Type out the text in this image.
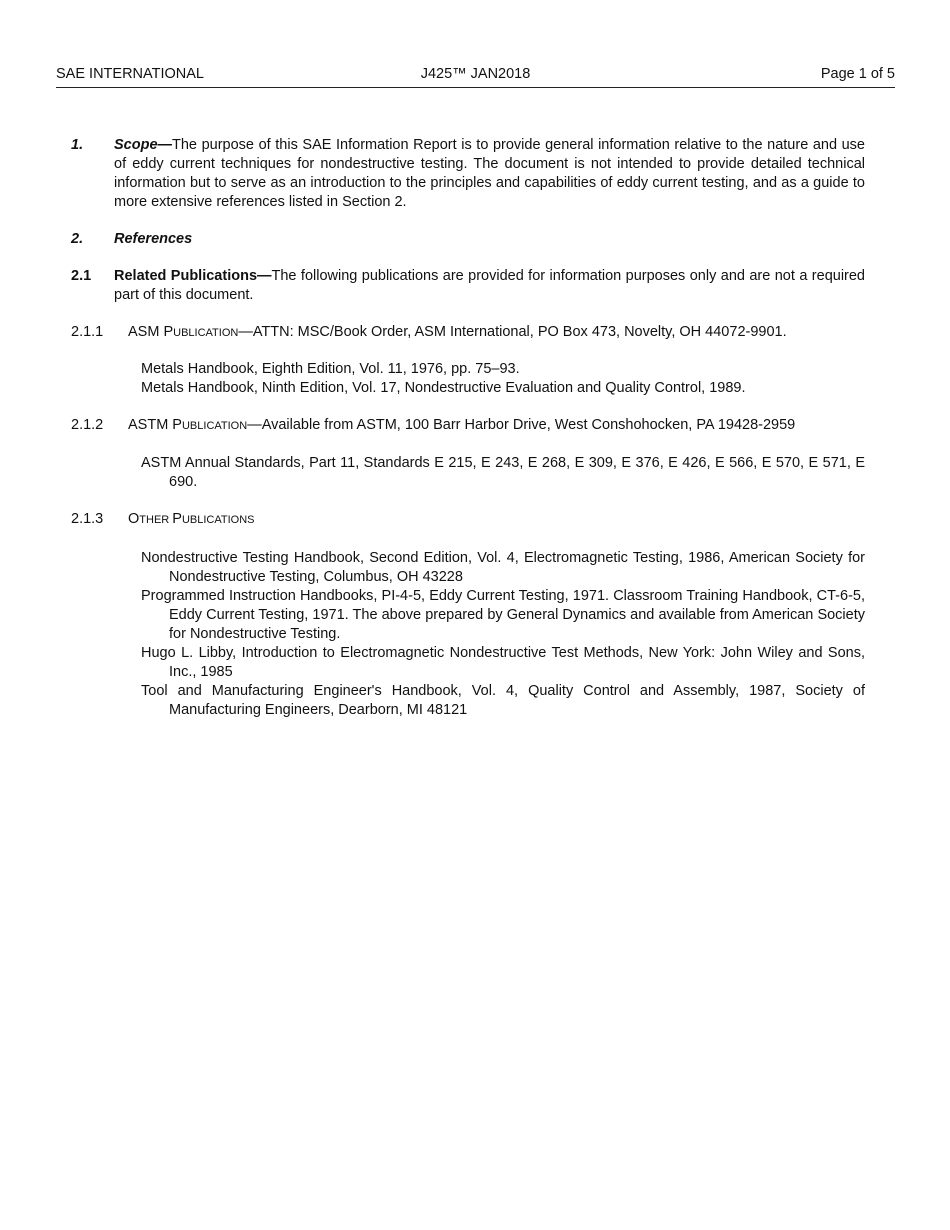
SAE INTERNATIONAL	J425™ JAN2018	Page 1 of 5
1. Scope—The purpose of this SAE Information Report is to provide general information relative to the nature and use of eddy current techniques for nondestructive testing. The document is not intended to provide detailed technical information but to serve as an introduction to the principles and capabilities of eddy current testing, and as a guide to more extensive references listed in Section 2.
2. References
2.1 Related Publications—The following publications are provided for information purposes only and are not a required part of this document.
2.1.1 ASM PUBLICATION—ATTN: MSC/Book Order, ASM International, PO Box 473, Novelty, OH 44072-9901.

Metals Handbook, Eighth Edition, Vol. 11, 1976, pp. 75–93.

Metals Handbook, Ninth Edition, Vol. 17, Nondestructive Evaluation and Quality Control, 1989.

2.1.2 ASTM PUBLICATION—Available from ASTM, 100 Barr Harbor Drive, West Conshohocken, PA 19428-2959

ASTM Annual Standards, Part 11, Standards E 215, E 243, E 268, E 309, E 376, E 426, E 566, E 570, E 571, E 690.

2.1.3 OTHER PUBLICATIONS

Nondestructive Testing Handbook, Second Edition, Vol. 4, Electromagnetic Testing, 1986, American Society for Nondestructive Testing, Columbus, OH 43228

Programmed Instruction Handbooks, PI-4-5, Eddy Current Testing, 1971. Classroom Training Handbook, CT-6-5, Eddy Current Testing, 1971. The above prepared by General Dynamics and available from American Society for Nondestructive Testing.

Hugo L. Libby, Introduction to Electromagnetic Nondestructive Test Methods, New York: John Wiley and Sons, Inc., 1985

Tool and Manufacturing Engineer's Handbook, Vol. 4, Quality Control and Assembly, 1987, Society of Manufacturing Engineers, Dearborn, MI 48121
